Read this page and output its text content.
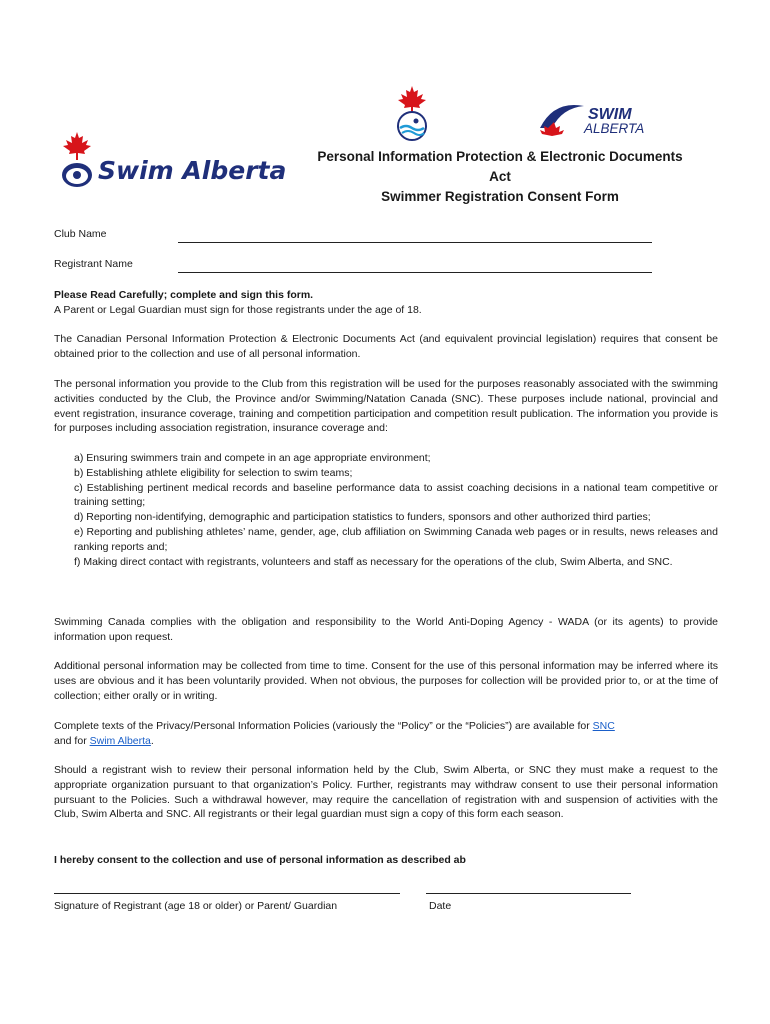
Swim Alberta
SWIM
ALBERTA
Personal Information Protection & Electronic Documents
Act
Swimmer Registration Consent Form
Club Name
Registrant Name
Please Read Carefully; complete and sign this form.
A Parent or Legal Guardian must sign for those registrants under the age of 18.
The Canadian Personal Information Protection & Electronic Documents Act (and equivalent provincial legislation) requires that consent be obtained prior to the collection and use of all personal information.
The personal information you provide to the Club from this registration will be used for the purposes reasonably associated with the swimming activities conducted by the Club, the Province and/or Swimming/Natation Canada (SNC). These purposes include national, provincial and event registration, insurance coverage, training and competition participation and competition result publication. The information you provide is for purposes including association registration, insurance coverage and:
a) Ensuring swimmers train and compete in an age appropriate environment;
b) Establishing athlete eligibility for selection to swim teams;
c) Establishing pertinent medical records and baseline performance data to assist coaching decisions in a national team competitive or training setting;
d) Reporting non-identifying, demographic and participation statistics to funders, sponsors and other authorized third parties;
e) Reporting and publishing athletes’ name, gender, age, club affiliation on Swimming Canada web pages or in results, news releases and ranking reports and;
f) Making direct contact with registrants, volunteers and staff as necessary for the operations of the club, Swim Alberta, and SNC.
Swimming Canada complies with the obligation and responsibility to the World Anti-Doping Agency - WADA (or its agents) to provide information upon request.
Additional personal information may be collected from time to time. Consent for the use of this personal information may be inferred where its uses are obvious and it has been voluntarily provided. When not obvious, the purposes for collection will be provided prior to, or at the time of collection; either orally or in writing.
Complete texts of the Privacy/Personal Information Policies (variously the “Policy” or the “Policies”) are available for SNC
and for Swim Alberta.
Should a registrant wish to review their personal information held by the Club, Swim Alberta, or SNC they must make a request to the appropriate organization pursuant to that organization’s Policy. Further, registrants may withdraw consent to use their personal information pursuant to the Policies. Such a withdrawal however, may require the cancellation of registration with and suspension of activities with the Club, Swim Alberta and SNC. All registrants or their legal guardian must sign a copy of this form each season.
I hereby consent to the collection and use of personal information as described ab
Signature of Registrant (age 18 or older) or Parent/ Guardian	Date
